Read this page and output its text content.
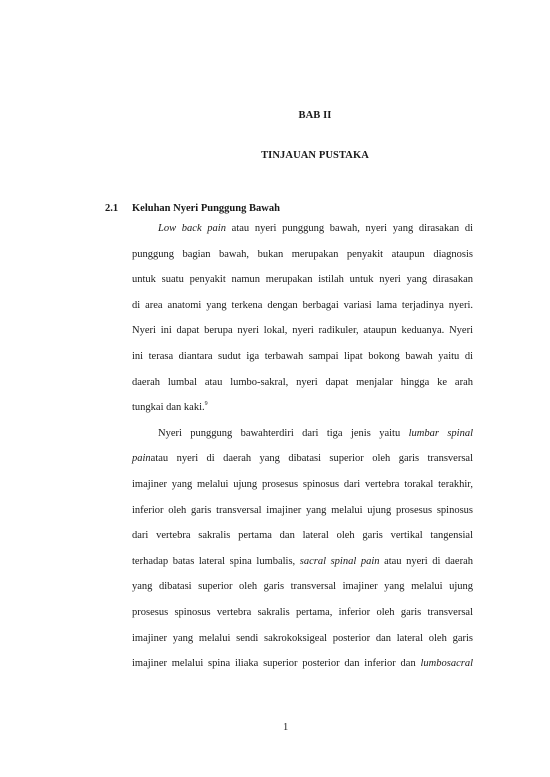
BAB II
TINJAUAN PUSTAKA
2.1	Keluhan Nyeri Punggung Bawah
Low back pain atau nyeri punggung bawah, nyeri yang dirasakan di
punggung bagian bawah, bukan merupakan penyakit ataupun diagnosis
untuk suatu penyakit namun merupakan istilah untuk nyeri yang dirasakan
di area anatomi yang terkena dengan berbagai variasi lama terjadinya nyeri.
Nyeri ini dapat berupa nyeri lokal, nyeri radikuler, ataupun keduanya. Nyeri
ini terasa diantara sudut iga terbawah sampai lipat bokong bawah yaitu di
daerah lumbal atau lumbo-sakral, nyeri dapat menjalar hingga ke arah
tungkai dan kaki.$^9$
Nyeri punggung bawahterdiri dari tiga jenis yaitu lumbar spinal
painatau nyeri di daerah yang dibatasi superior oleh garis transversal
imajiner yang melalui ujung prosesus spinosus dari vertebra torakal terakhir,
inferior oleh garis transversal imajiner yang melalui ujung prosesus spinosus
dari vertebra sakralis pertama dan lateral oleh garis vertikal tangensial
terhadap batas lateral spina lumbalis, sacral spinal pain atau nyeri di daerah
yang dibatasi superior oleh garis transversal imajiner yang melalui ujung
prosesus spinosus vertebra sakralis pertama, inferior oleh garis transversal
imajiner yang melalui sendi sakrokoksigeal posterior dan lateral oleh garis
imajiner melalui spina iliaka superior posterior dan inferior dan lumbosacral
1
